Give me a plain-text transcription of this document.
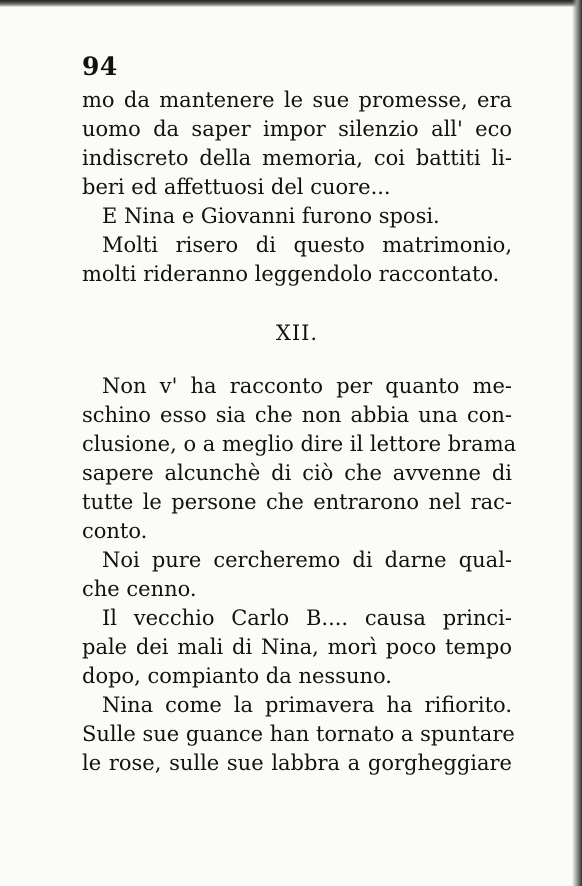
94
mo da mantenere le sue promesse, era
uomo da saper impor silenzio all' eco
indiscreto della memoria, coi battiti li-
beri ed affettuosi del cuore...
E Nina e Giovanni furono sposi.
Molti risero di questo matrimonio,
molti rideranno leggendolo raccontato.
XII.
Non v' ha racconto per quanto me-
schino esso sia che non abbia una con-
clusione, o a meglio dire il lettore brama
sapere alcunchè di ciò che avvenne di
tutte le persone che entrarono nel rac-
conto.
Noi pure cercheremo di darne qual-
che cenno.
Il vecchio Carlo B.... causa princi-
pale dei mali di Nina, morì poco tempo
dopo, compianto da nessuno.
Nina come la primavera ha rifiorito.
Sulle sue guance han tornato a spuntare
le rose, sulle sue labbra a gorgheggiare
